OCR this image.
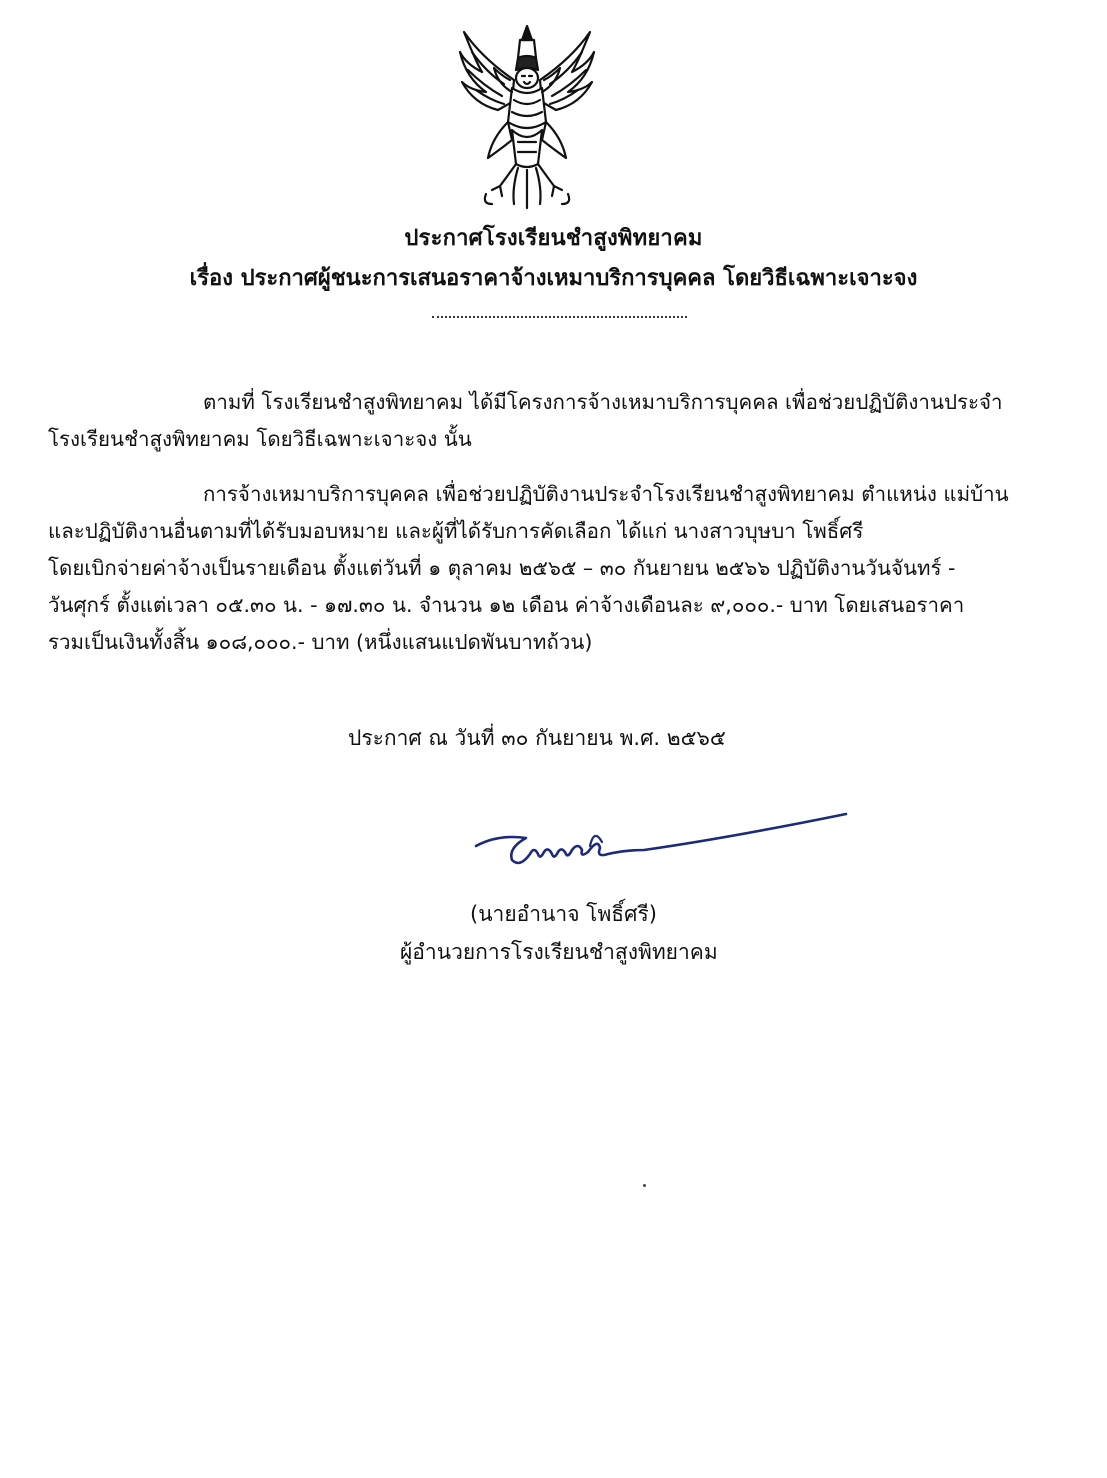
ประกาศโรงเรียนชำสูงพิทยาคม
เรื่อง ประกาศผู้ชนะการเสนอราคาจ้างเหมาบริการบุคคล โดยวิธีเฉพาะเจาะจง
ตามที่ โรงเรียนชำสูงพิทยาคม ได้มีโครงการจ้างเหมาบริการบุคคล เพื่อช่วยปฏิบัติงานประจำ
โรงเรียนชำสูงพิทยาคม โดยวิธีเฉพาะเจาะจง นั้น
การจ้างเหมาบริการบุคคล เพื่อช่วยปฏิบัติงานประจำโรงเรียนชำสูงพิทยาคม ตำแหน่ง แม่บ้าน
และปฏิบัติงานอื่นตามที่ได้รับมอบหมาย และผู้ที่ได้รับการคัดเลือก ได้แก่ นางสาวบุษบา โพธิ์ศรี
โดยเบิกจ่ายค่าจ้างเป็นรายเดือน ตั้งแต่วันที่ ๑ ตุลาคม ๒๕๖๕ – ๓๐ กันยายน ๒๕๖๖ ปฏิบัติงานวันจันทร์ -
วันศุกร์ ตั้งแต่เวลา ๐๕.๓๐ น. - ๑๗.๓๐ น. จำนวน ๑๒ เดือน ค่าจ้างเดือนละ ๙,๐๐๐.- บาท โดยเสนอราคา
รวมเป็นเงินทั้งสิ้น ๑๐๘,๐๐๐.- บาท (หนึ่งแสนแปดพันบาทถ้วน)
ประกาศ ณ วันที่ ๓๐ กันยายน พ.ศ. ๒๕๖๕
(นายอำนาจ โพธิ์ศรี)
ผู้อำนวยการโรงเรียนชำสูงพิทยาคม
